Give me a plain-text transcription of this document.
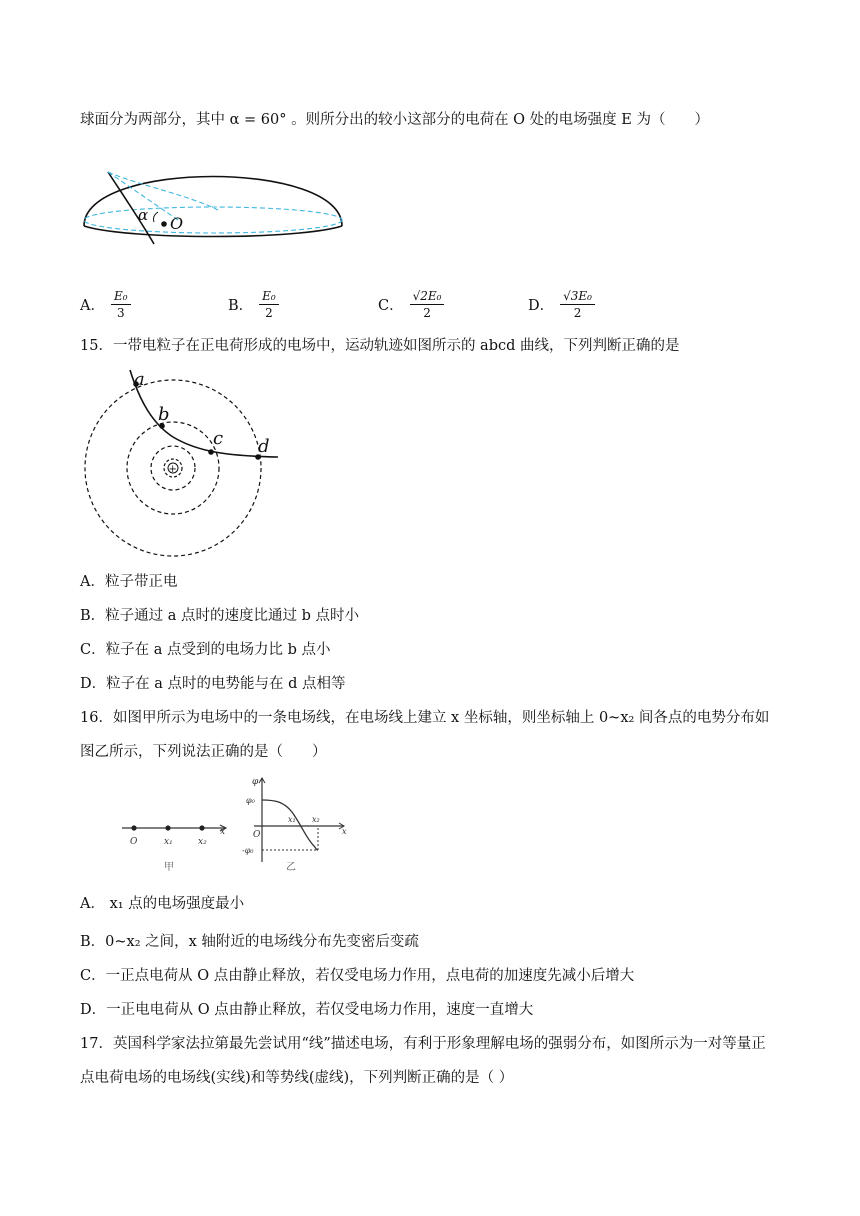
球面分为两部分，其中 α = 60° 。则所分出的较小这部分的电荷在 O 处的电场强度 E 为（　　）
α O
A． $\frac{\text{E₀}}{3}$	B． $\frac{\text{E₀}}{2}$	C． $\frac{\text{√2E₀}}{2}$	D． $\frac{\text{√3E₀}}{2}$
15．一带电粒子在正电荷形成的电场中，运动轨迹如图所示的 abcd 曲线，下列判断正确的是
+
a
b
c d
A．粒子带正电
B．粒子通过 a 点时的速度比通过 b 点时小
C．粒子在 a 点受到的电场力比 b 点小
D．粒子在 a 点时的电势能与在 d 点相等
16．如图甲所示为电场中的一条电场线，在电场线上建立 x 坐标轴，则坐标轴上 0~x₂ 间各点的电势分布如
图乙所示，下列说法正确的是（　　）
O	x₁	x₂
x
甲
φ
φ₀
O
x₁ x₂
x
-φ₀
乙
A． x₁ 点的电场强度最小
B．0~x₂ 之间，x 轴附近的电场线分布先变密后变疏
C．一正点电荷从 O 点由静止释放，若仅受电场力作用，点电荷的加速度先减小后增大
D．一正电电荷从 O 点由静止释放，若仅受电场力作用，速度一直增大
17．英国科学家法拉第最先尝试用“线”描述电场，有利于形象理解电场的强弱分布，如图所示为一对等量正
点电荷电场的电场线(实线)和等势线(虚线)，下列判断正确的是（ ）
